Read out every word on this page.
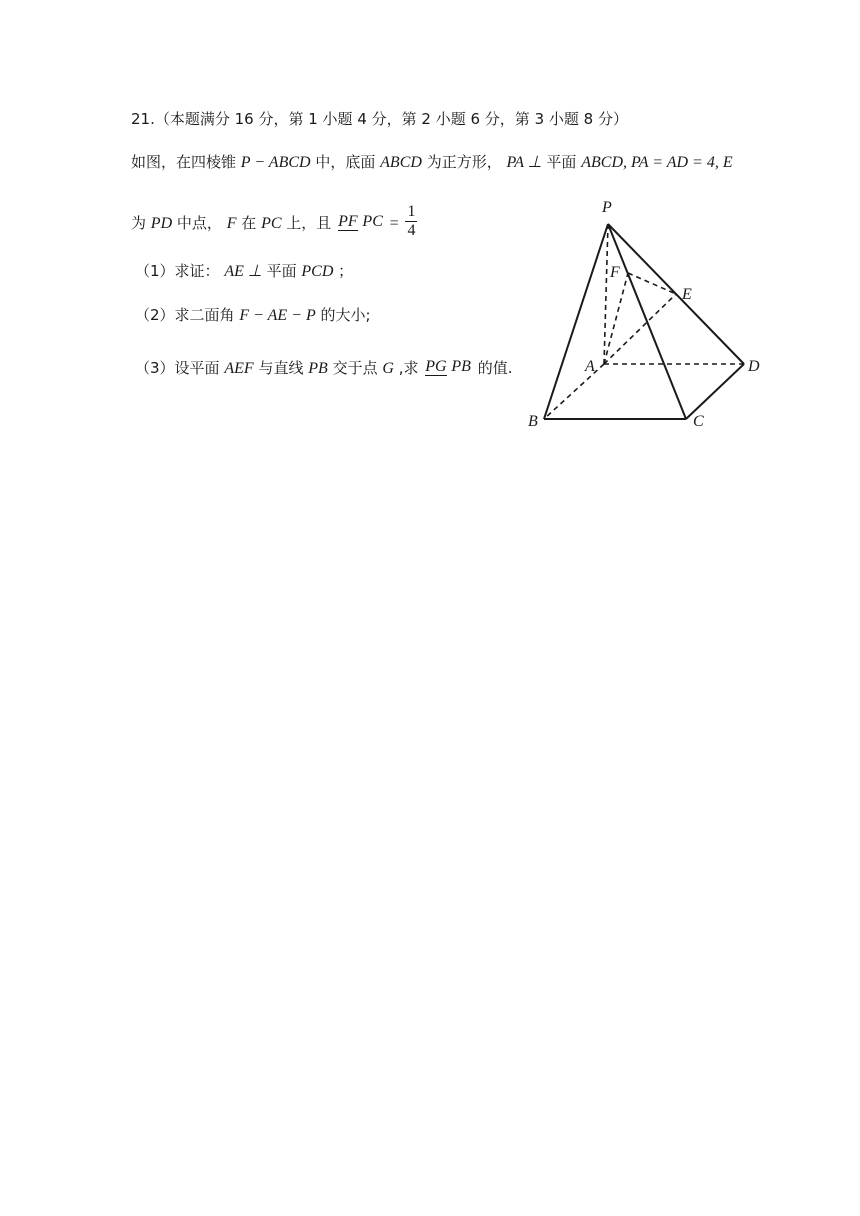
21.（本题满分 16 分，第 1 小题 4 分，第 2 小题 6 分，第 3 小题 8 分）
如图，在四棱锥 P − ABCD 中，底面 ABCD 为正方形， PA ⊥ 平面 ABCD, PA = AD = 4, E
为 PD 中点， F 在 PC 上，且 PF PC = $\frac{1}{4}$
（1）求证： AE ⊥ 平面 PCD ；
（2）求二面角 F − AE − P 的大小;
（3）设平面 AEF 与直线 PB 交于点 G ,求 PG PB 的值.
P
F
E
A	D
B	C
